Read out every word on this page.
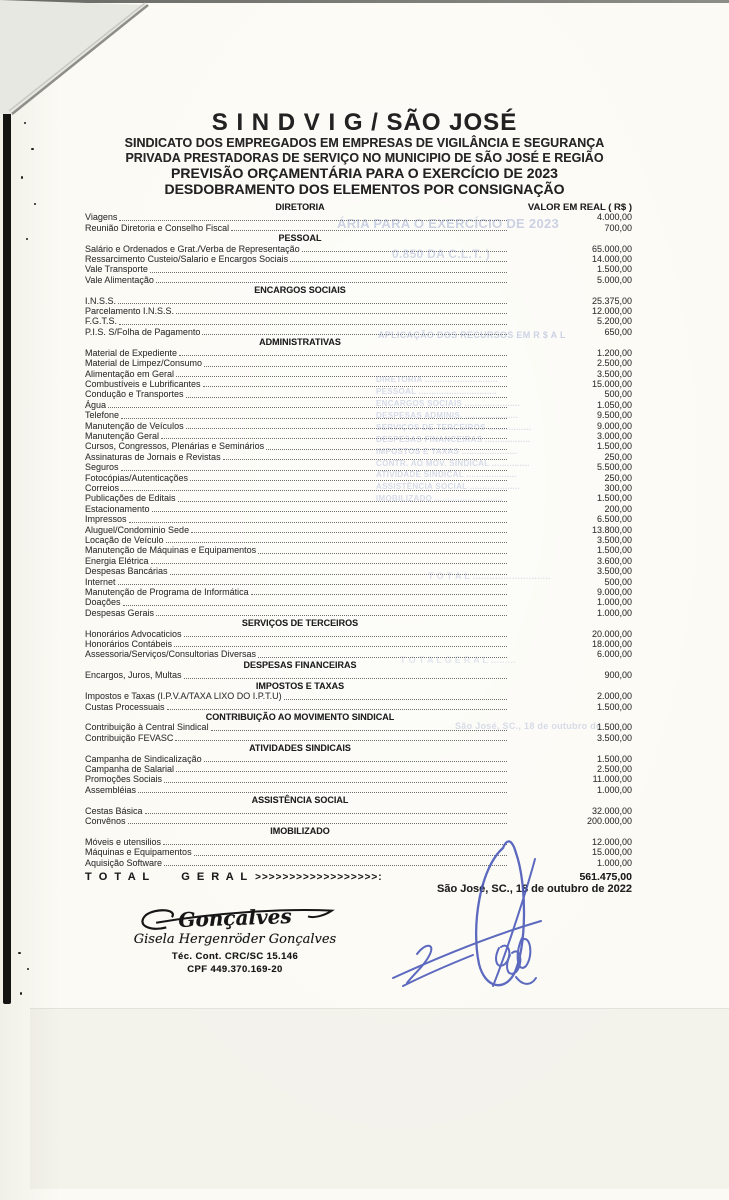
ÁRIA PARA O EXERCÍCIO DE 2023
0.850 DA C.L.T. )
APLICAÇÃO DOS RECURSOS EM R $ A L
DIRETORIA .............................
PESSOAL ...............................
ENCARGOS SOCIAIS ......................
DESPESAS ADMINIS. .....................
SERVIÇOS DE TERCEIROS .................
DESPESAS FINANCEIRAS ..................
IMPOSTOS E TAXAS ......................
CONTR. AO MOV. SINDICAL ...............
ATIVIDADE SINDICAL ....................
ASSISTÊNCIA SOCIAL ....................
IMOBILIZADO ...........................
T O T A L ............................
T O T A L G E R A L .........
São José, SC., 18 de outubro de
S I N D V I G / SÃO JOSÉ
SINDICATO DOS EMPREGADOS EM EMPRESAS DE VIGILÂNCIA E SEGURANÇA
PRIVADA PRESTADORAS DE SERVIÇO NO MUNICIPIO DE SÃO JOSÉ E REGIÃO
PREVISÃO ORÇAMENTÁRIA PARA O EXERCÍCIO DE 2023
DESDOBRAMENTO DOS ELEMENTOS POR CONSIGNAÇÃO
VALOR EM REAL ( R$ )
DIRETORIA
Viagens	4.000,00
Reunião Diretoria e Conselho Fiscal	700,00
PESSOAL
Salário e Ordenados e Grat./Verba de Representação	65.000,00
Ressarcimento Custeio/Salario e Encargos Sociais	14.000,00
Vale Transporte	1.500,00
Vale Alimentação	5.000,00
ENCARGOS SOCIAIS
I.N.S.S.	25.375,00
Parcelamento I.N.S.S.	12.000,00
F.G.T.S.	5.200,00
P.I.S. S/Folha de Pagamento	650,00
ADMINISTRATIVAS
Material de Expediente	1.200,00
Material de Limpez/Consumo	2.500,00
Alimentação em Geral	3.500,00
Combustíveis e Lubrificantes	15.000,00
Condução e Transportes	500,00
Água	1.050,00
Telefone	9.500,00
Manutenção de Veículos	9.000,00
Manutenção Geral	3.000,00
Cursos, Congressos, Plenárias e Seminários	1.500,00
Assinaturas de Jornais e Revistas	250,00
Seguros	5.500,00
Fotocópias/Autenticações	250,00
Correios	300,00
Publicações de Editais	1.500,00
Estacionamento	200,00
Impressos	6.500,00
Aluguel/Condominio Sede	13.800,00
Locação de Veículo	3.500,00
Manutenção de Máquinas e Equipamentos	1.500,00
Energia Elétrica	3.600,00
Despesas Bancárias	3.500,00
Internet	500,00
Manutenção de Programa de Informática	9.000,00
Doações	1.000,00
Despesas Gerais	1.000,00
SERVIÇOS DE TERCEIROS
Honorários Advocaticios	20.000,00
Honorários Contábeis	18.000,00
Assessoria/Serviços/Consultorias Diversas	6.000,00
DESPESAS FINANCEIRAS
Encargos, Juros, Multas	900,00
IMPOSTOS E TAXAS
Impostos e Taxas (I.P.V.A/TAXA LIXO DO I.P.T.U)	2.000,00
Custas Processuais	1.500,00
CONTRIBUIÇÃO AO MOVIMENTO SINDICAL
Contribuição à Central Sindical	1.500,00
Contribuição FEVASC	3.500,00
ATIVIDADES SINDICAIS
Campanha de Sindicalização	1.500,00
Campanha de Salarial	2.500,00
Promoções Sociais	11.000,00
Assembléias	1.000,00
ASSISTÊNCIA SOCIAL
Cestas Básica	32.000,00
Convênos	200.000,00
IMOBILIZADO
Móveis e utensilios	12.000,00
Máquinas e Equipamentos	15.000,00
Aquisição Software	1.000,00
T O T A L      G E R A L >>>>>>>>>>>>>>>>>>:	561.475,00
São José, SC., 18 de outubro de 2022
Gonçalves
Gisela Hergenröder Gonçalves
Téc. Cont. CRC/SC 15.146
CPF 449.370.169-20
